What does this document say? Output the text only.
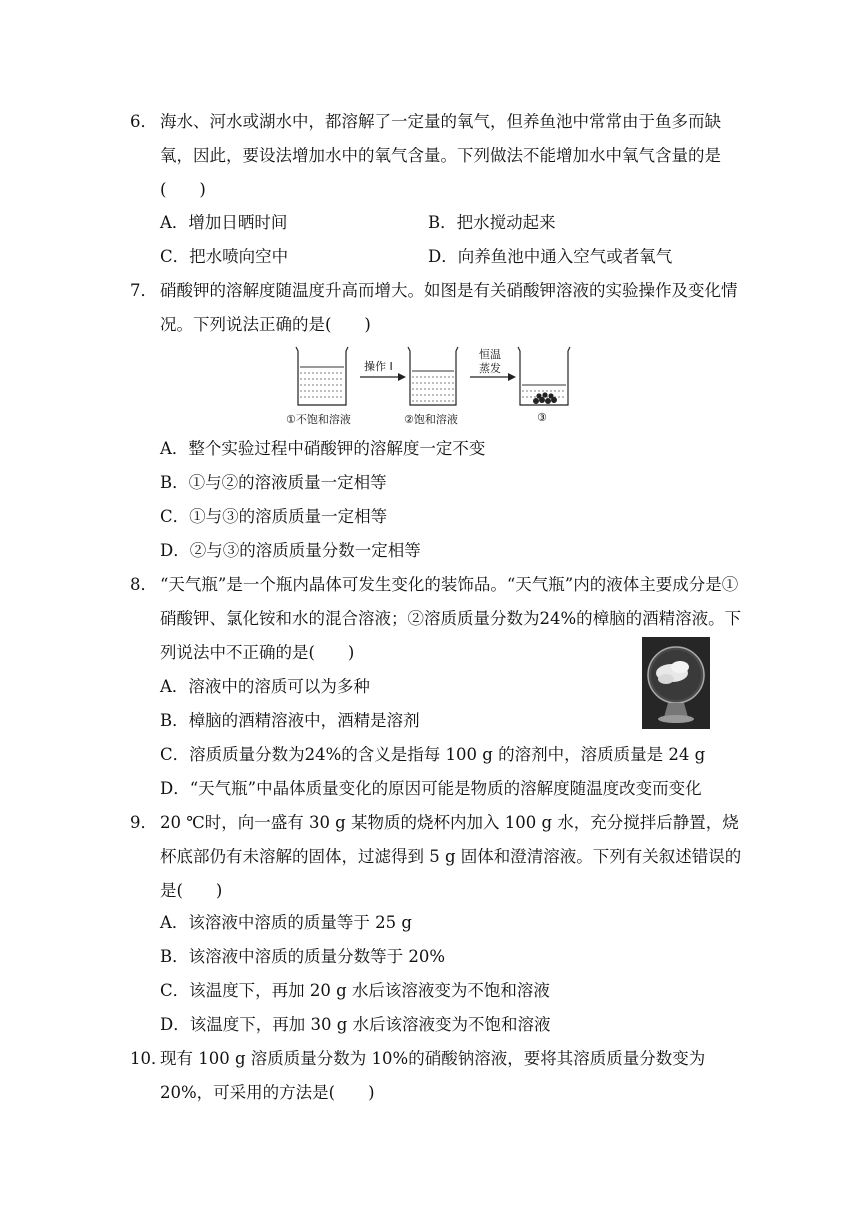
6． 海水、河水或湖水中，都溶解了一定量的氧气，但养鱼池中常常由于鱼多而缺氧，因此，要设法增加水中的氧气含量。下列做法不能增加水中氧气含量的是(　　)
A．增加日晒时间	B．把水搅动起来
C．把水喷向空中	D．向养鱼池中通入空气或者氧气
7． 硝酸钾的溶解度随温度升高而增大。如图是有关硝酸钾溶液的实验操作及变化情况。下列说法正确的是(　　)
操作 I
恒温
蒸发
①不饱和溶液	②饱和溶液	③
A．整个实验过程中硝酸钾的溶解度一定不变
B．①与②的溶液质量一定相等
C．①与③的溶质质量一定相等
D．②与③的溶质质量分数一定相等
8． “天气瓶”是一个瓶内晶体可发生变化的装饰品。“天气瓶”内的液体主要成分是①硝酸钾、氯化铵和水的混合溶液；②溶质质量分数为24%的樟脑的酒精溶液。下列说法中不正确的是(　　)
A．溶液中的溶质可以为多种
B．樟脑的酒精溶液中，酒精是溶剂
C．溶质质量分数为24%的含义是指每 100 g 的溶剂中，溶质质量是 24 g
D．“天气瓶”中晶体质量变化的原因可能是物质的溶解度随温度改变而变化
9． 20 ℃时，向一盛有 30 g 某物质的烧杯内加入 100 g 水，充分搅拌后静置，烧杯底部仍有未溶解的固体，过滤得到 5 g 固体和澄清溶液。下列有关叙述错误的是(　　)
A．该溶液中溶质的质量等于 25 g
B．该溶液中溶质的质量分数等于 20%
C．该温度下，再加 20 g 水后该溶液变为不饱和溶液
D．该温度下，再加 30 g 水后该溶液变为不饱和溶液
10．
现有 100 g 溶质质量分数为 10%的硝酸钠溶液，要将其溶质质量分数变为20%，可采用的方法是(　　)
